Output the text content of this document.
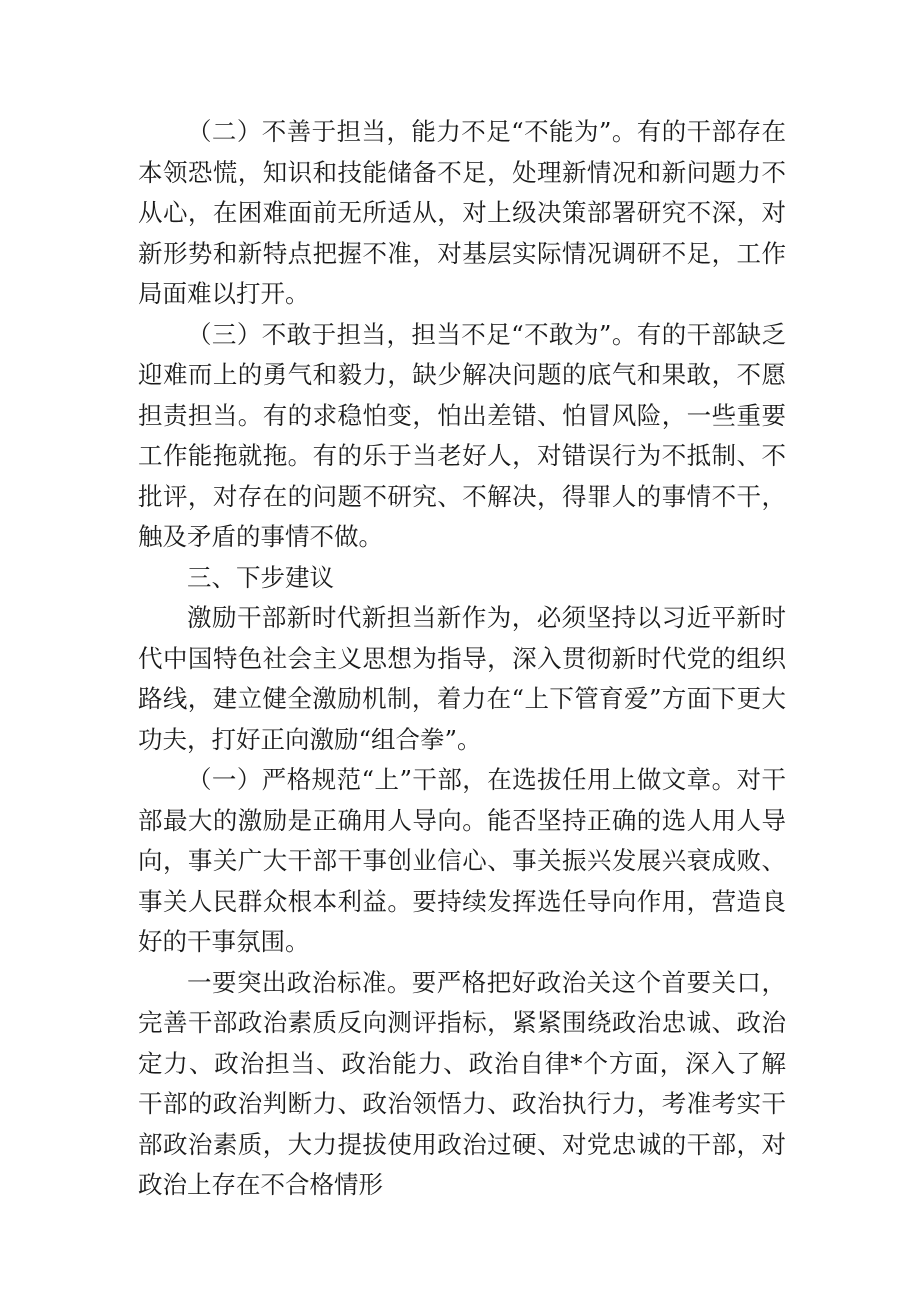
（二）不善于担当，能力不足“不能为”。有的干部存在本领恐慌，知识和技能储备不足，处理新情况和新问题力不从心，在困难面前无所适从，对上级决策部署研究不深，对新形势和新特点把握不准，对基层实际情况调研不足，工作局面难以打开。

（三）不敢于担当，担当不足“不敢为”。有的干部缺乏迎难而上的勇气和毅力，缺少解决问题的底气和果敢，不愿担责担当。有的求稳怕变，怕出差错、怕冒风险，一些重要工作能拖就拖。有的乐于当老好人，对错误行为不抵制、不批评，对存在的问题不研究、不解决，得罪人的事情不干，触及矛盾的事情不做。

三、下步建议

激励干部新时代新担当新作为，必须坚持以习近平新时代中国特色社会主义思想为指导，深入贯彻新时代党的组织路线，建立健全激励机制，着力在“上下管育爱”方面下更大功夫，打好正向激励“组合拳”。

（一）严格规范“上”干部，在选拔任用上做文章。对干部最大的激励是正确用人导向。能否坚持正确的选人用人导向，事关广大干部干事创业信心、事关振兴发展兴衰成败、事关人民群众根本利益。要持续发挥选任导向作用，营造良好的干事氛围。

一要突出政治标准。要严格把好政治关这个首要关口，完善干部政治素质反向测评指标，紧紧围绕政治忠诚、政治定力、政治担当、政治能力、政治自律*个方面，深入了解干部的政治判断力、政治领悟力、政治执行力，考准考实干部政治素质，大力提拔使用政治过硬、对党忠诚的干部，对政治上存在不合格情形
